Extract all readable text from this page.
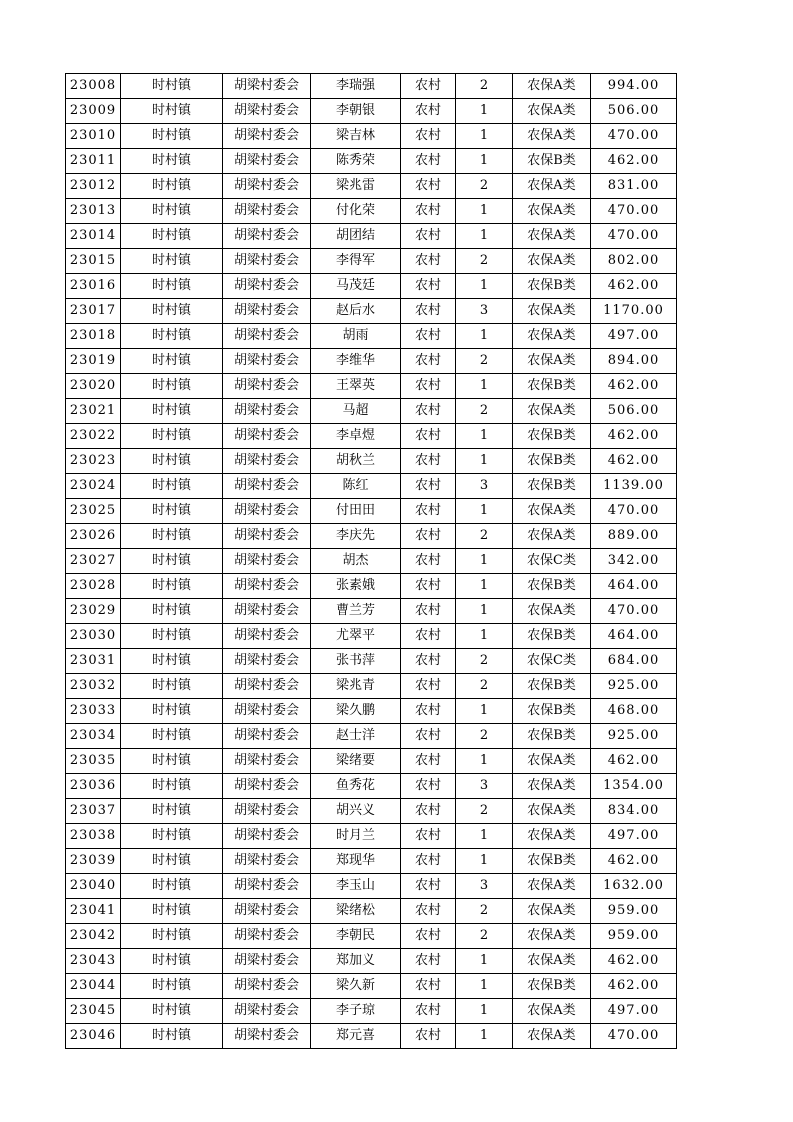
23008	时村镇	胡梁村委会	李瑞强	农村	2	农保A类	994.00
23009	时村镇	胡梁村委会	李朝银	农村	1	农保A类	506.00
23010	时村镇	胡梁村委会	梁吉林	农村	1	农保A类	470.00
23011	时村镇	胡梁村委会	陈秀荣	农村	1	农保B类	462.00
23012	时村镇	胡梁村委会	梁兆雷	农村	2	农保A类	831.00
23013	时村镇	胡梁村委会	付化荣	农村	1	农保A类	470.00
23014	时村镇	胡梁村委会	胡团结	农村	1	农保A类	470.00
23015	时村镇	胡梁村委会	李得军	农村	2	农保A类	802.00
23016	时村镇	胡梁村委会	马茂廷	农村	1	农保B类	462.00
23017	时村镇	胡梁村委会	赵后水	农村	3	农保A类	1170.00
23018	时村镇	胡梁村委会	胡雨	农村	1	农保A类	497.00
23019	时村镇	胡梁村委会	李维华	农村	2	农保A类	894.00
23020	时村镇	胡梁村委会	王翠英	农村	1	农保B类	462.00
23021	时村镇	胡梁村委会	马超	农村	2	农保A类	506.00
23022	时村镇	胡梁村委会	李卓煜	农村	1	农保B类	462.00
23023	时村镇	胡梁村委会	胡秋兰	农村	1	农保B类	462.00
23024	时村镇	胡梁村委会	陈红	农村	3	农保B类	1139.00
23025	时村镇	胡梁村委会	付田田	农村	1	农保A类	470.00
23026	时村镇	胡梁村委会	李庆先	农村	2	农保A类	889.00
23027	时村镇	胡梁村委会	胡杰	农村	1	农保C类	342.00
23028	时村镇	胡梁村委会	张素娥	农村	1	农保B类	464.00
23029	时村镇	胡梁村委会	曹兰芳	农村	1	农保A类	470.00
23030	时村镇	胡梁村委会	尤翠平	农村	1	农保B类	464.00
23031	时村镇	胡梁村委会	张书萍	农村	2	农保C类	684.00
23032	时村镇	胡梁村委会	梁兆青	农村	2	农保B类	925.00
23033	时村镇	胡梁村委会	梁久鹏	农村	1	农保B类	468.00
23034	时村镇	胡梁村委会	赵士洋	农村	2	农保B类	925.00
23035	时村镇	胡梁村委会	梁绪要	农村	1	农保A类	462.00
23036	时村镇	胡梁村委会	鱼秀花	农村	3	农保A类	1354.00
23037	时村镇	胡梁村委会	胡兴义	农村	2	农保A类	834.00
23038	时村镇	胡梁村委会	时月兰	农村	1	农保A类	497.00
23039	时村镇	胡梁村委会	郑现华	农村	1	农保B类	462.00
23040	时村镇	胡梁村委会	李玉山	农村	3	农保A类	1632.00
23041	时村镇	胡梁村委会	梁绪松	农村	2	农保A类	959.00
23042	时村镇	胡梁村委会	李朝民	农村	2	农保A类	959.00
23043	时村镇	胡梁村委会	郑加义	农村	1	农保A类	462.00
23044	时村镇	胡梁村委会	梁久新	农村	1	农保B类	462.00
23045	时村镇	胡梁村委会	李子琼	农村	1	农保A类	497.00
23046	时村镇	胡梁村委会	郑元喜	农村	1	农保A类	470.00
